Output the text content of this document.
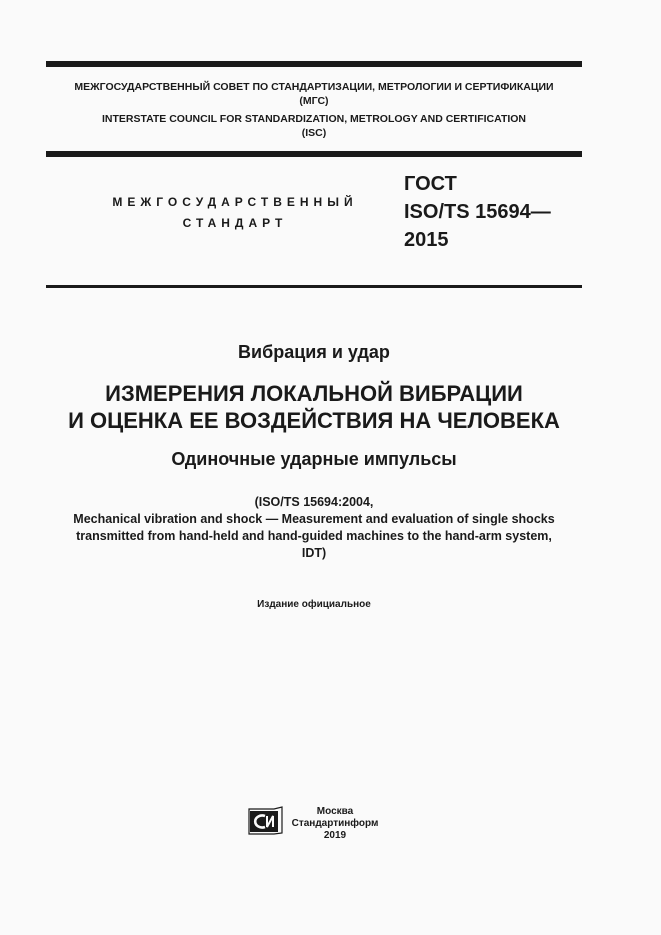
МЕЖГОСУДАРСТВЕННЫЙ СОВЕТ ПО СТАНДАРТИЗАЦИИ, МЕТРОЛОГИИ И СЕРТИФИКАЦИИ
(МГС)
INTERSTATE COUNCIL FOR STANDARDIZATION, METROLOGY AND CERTIFICATION
(ISC)
МЕЖГОСУДАРСТВЕННЫЙ
СТАНДАРТ
ГОСТ
ISO/TS 15694—
2015
Вибрация и удар
ИЗМЕРЕНИЯ ЛОКАЛЬНОЙ ВИБРАЦИИ
И ОЦЕНКА ЕЕ ВОЗДЕЙСТВИЯ НА ЧЕЛОВЕКА
Одиночные ударные импульсы
(ISO/TS 15694:2004,
Mechanical vibration and shock — Measurement and evaluation of single shocks
transmitted from hand-held and hand-guided machines to the hand-arm system,
IDT)
Издание официальное
Москва
Стандартинформ
2019
